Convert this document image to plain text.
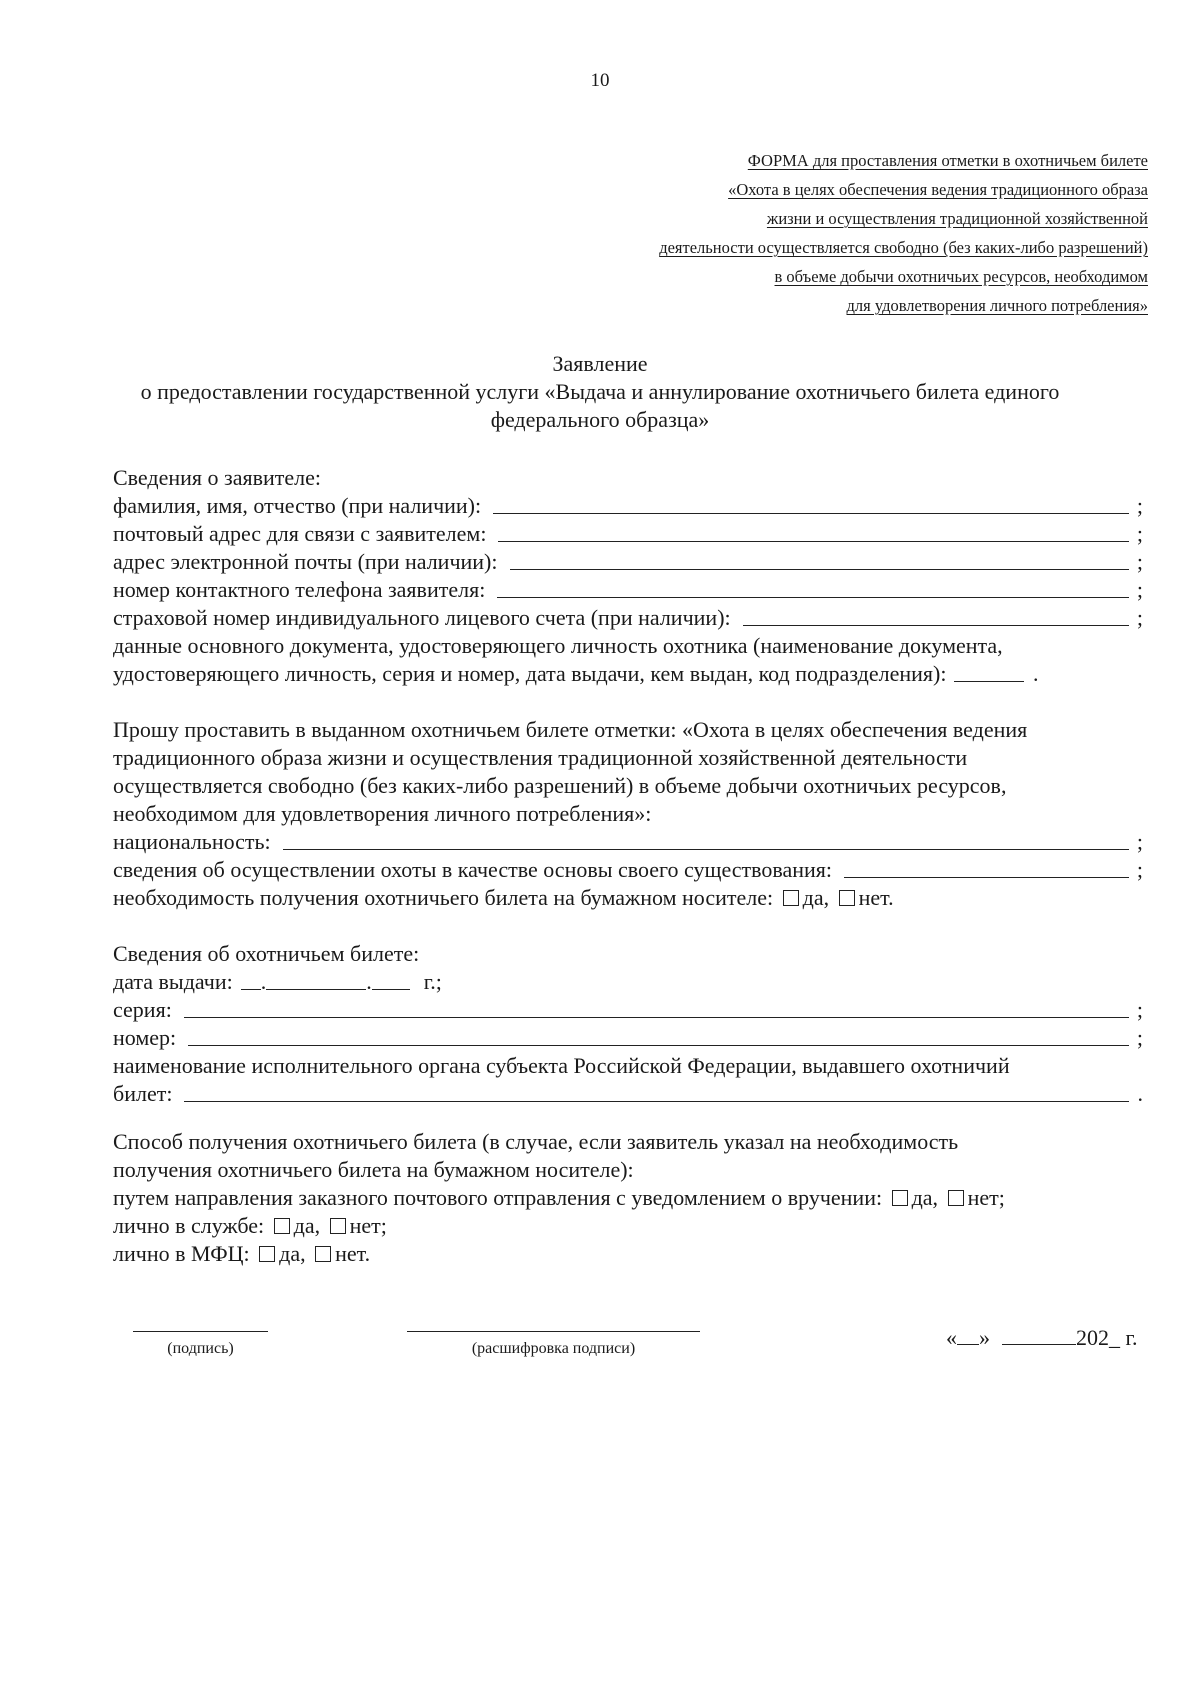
10
ФОРМА для проставления отметки в охотничьем билете
«Охота в целях обеспечения ведения традиционного образа
жизни и осуществления традиционной хозяйственной
деятельности осуществляется свободно (без каких-либо разрешений)
в объеме добычи охотничьих ресурсов, необходимом
для удовлетворения личного потребления»
Заявление
о предоставлении государственной услуги «Выдача и аннулирование охотничьего билета единого
федерального образца»
Сведения о заявителе:
фамилия, имя, отчество (при наличии):	;
почтовый адрес для связи с заявителем:	;
адрес электронной почты (при наличии):	;
номер контактного телефона заявителя:	;
страховой номер индивидуального лицевого счета (при наличии):	;
данные основного документа, удостоверяющего личность охотника (наименование документа,
удостоверяющего личность, серия и номер, дата выдачи, кем выдан, код подразделения):	.
Прошу проставить в выданном охотничьем билете отметки: «Охота в целях обеспечения ведения
традиционного образа жизни и осуществления традиционной хозяйственной деятельности
осуществляется свободно (без каких-либо разрешений) в объеме добычи охотничьих ресурсов,
необходимом для удовлетворения личного потребления»:
национальность:	;
сведения об осуществлении охоты в качестве основы своего существования:	;
необходимость получения охотничьего билета на бумажном носителе: да, нет.
Сведения об охотничьем билете:
дата выдачи: .	. г.;
серия:	;
номер:	;
наименование исполнительного органа субъекта Российской Федерации, выдавшего охотничий
билет:	.
Способ получения охотничьего билета (в случае, если заявитель указал на необходимость
получения охотничьего билета на бумажном носителе):
путем направления заказного почтового отправления с уведомлением о вручении: да, нет;
лично в службе: да, нет;
лично в МФЦ: да, нет.
(подпись)	(расшифровка подписи)	« »	202_ г.
